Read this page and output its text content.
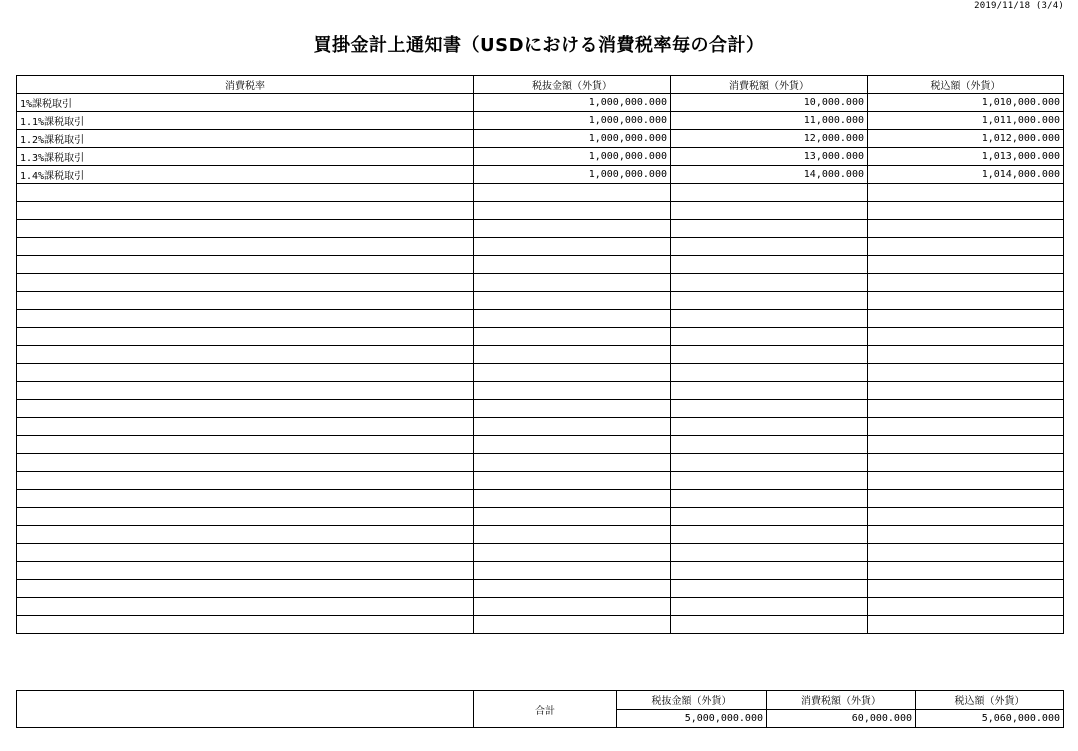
2019/11/18 (3/4)
買掛金計上通知書（USDにおける消費税率毎の合計）
消費税率	税抜金額（外貨）	消費税額（外貨）	税込額（外貨）
1%課税取引	1,000,000.000	10,000.000	1,010,000.000
1.1%課税取引	1,000,000.000	11,000.000	1,011,000.000
1.2%課税取引	1,000,000.000	12,000.000	1,012,000.000
1.3%課税取引	1,000,000.000	13,000.000	1,013,000.000
1.4%課税取引	1,000,000.000	14,000.000	1,014,000.000

	合計	税抜金額（外貨）	消費税額（外貨）	税込額（外貨）
		5,000,000.000	60,000.000	5,060,000.000
